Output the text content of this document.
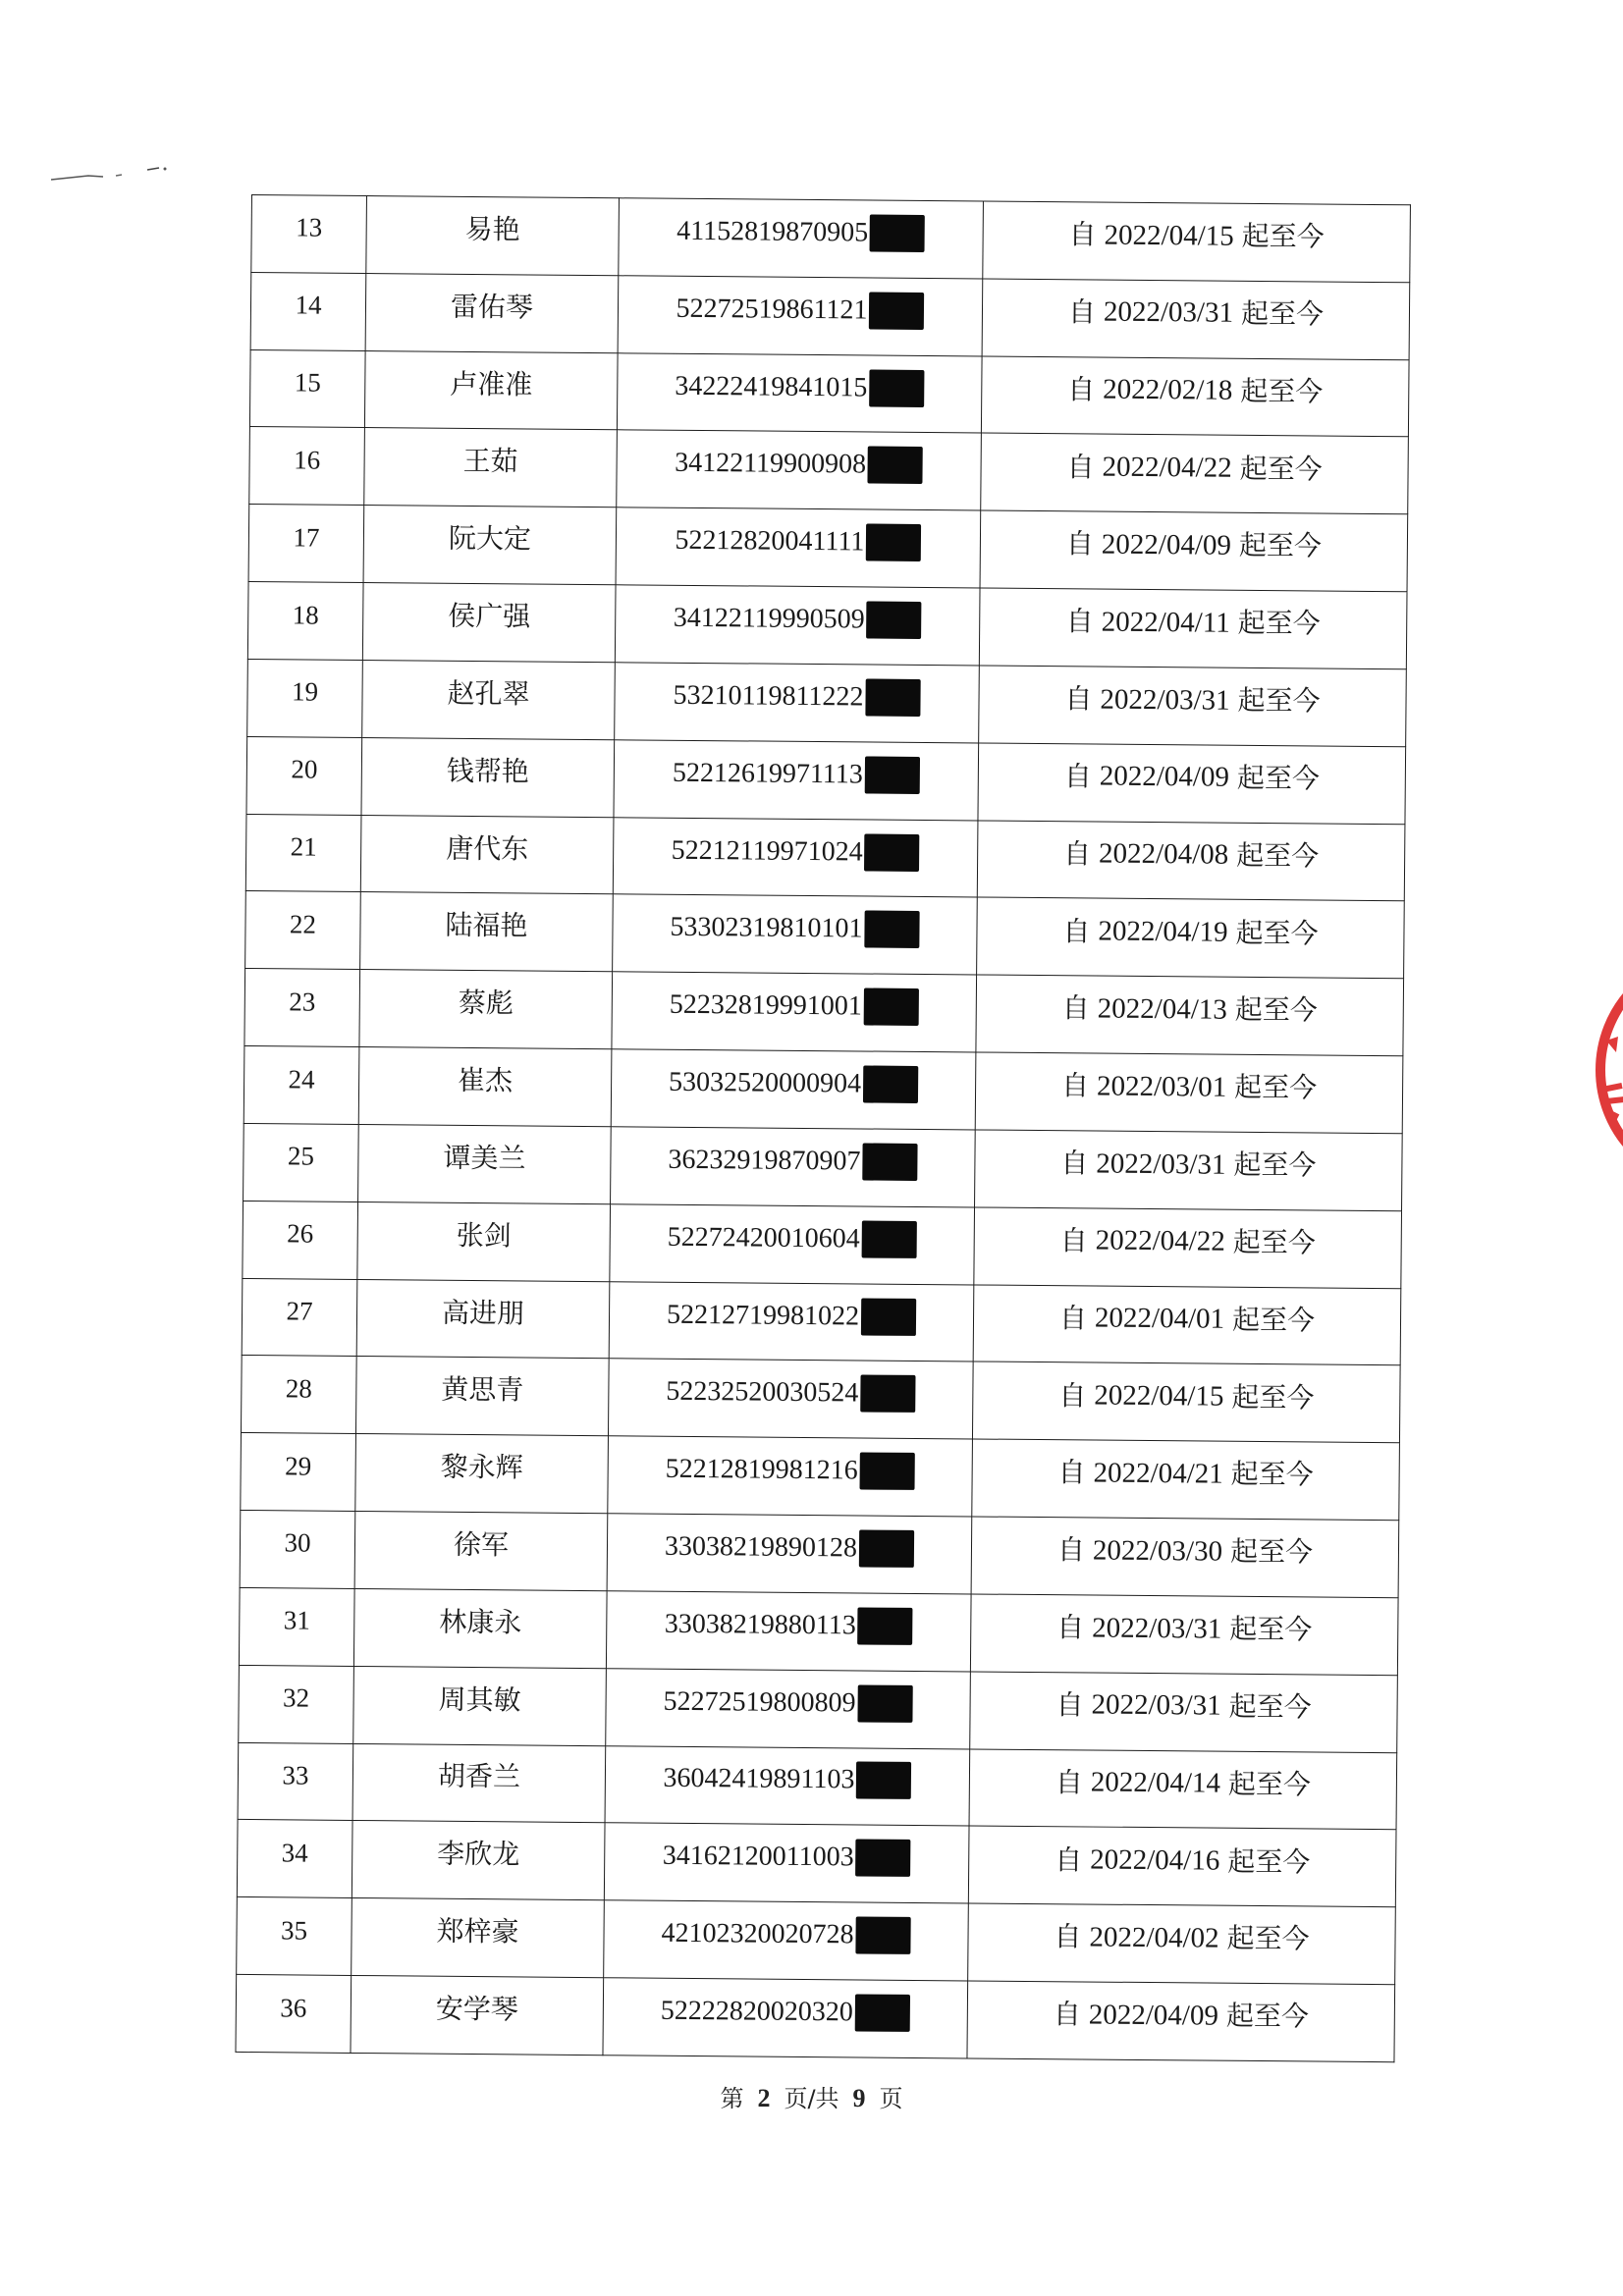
13	易艳	41152819870905	自 2022/04/15 起至今
14	雷佑琴	52272519861121	自 2022/03/31 起至今
15	卢准准	34222419841015	自 2022/02/18 起至今
16	王茹	34122119900908	自 2022/04/22 起至今
17	阮大定	52212820041111	自 2022/04/09 起至今
18	侯广强	34122119990509	自 2022/04/11 起至今
19	赵孔翠	53210119811222	自 2022/03/31 起至今
20	钱帮艳	52212619971113	自 2022/04/09 起至今
21	唐代东	52212119971024	自 2022/04/08 起至今
22	陆福艳	53302319810101	自 2022/04/19 起至今
23	蔡彪	52232819991001	自 2022/04/13 起至今
24	崔杰	53032520000904	自 2022/03/01 起至今
25	谭美兰	36232919870907	自 2022/03/31 起至今
26	张剑	52272420010604	自 2022/04/22 起至今
27	高进朋	52212719981022	自 2022/04/01 起至今
28	黄思青	52232520030524	自 2022/04/15 起至今
29	黎永辉	52212819981216	自 2022/04/21 起至今
30	徐军	33038219890128	自 2022/03/30 起至今
31	林康永	33038219880113	自 2022/03/31 起至今
32	周其敏	52272519800809	自 2022/03/31 起至今
33	胡香兰	36042419891103	自 2022/04/14 起至今
34	李欣龙	34162120011003	自 2022/04/16 起至今
35	郑梓豪	42102320020728	自 2022/04/02 起至今
36	安学琴	52222820020320	自 2022/04/09 起至今
第 2 页/共 9 页
